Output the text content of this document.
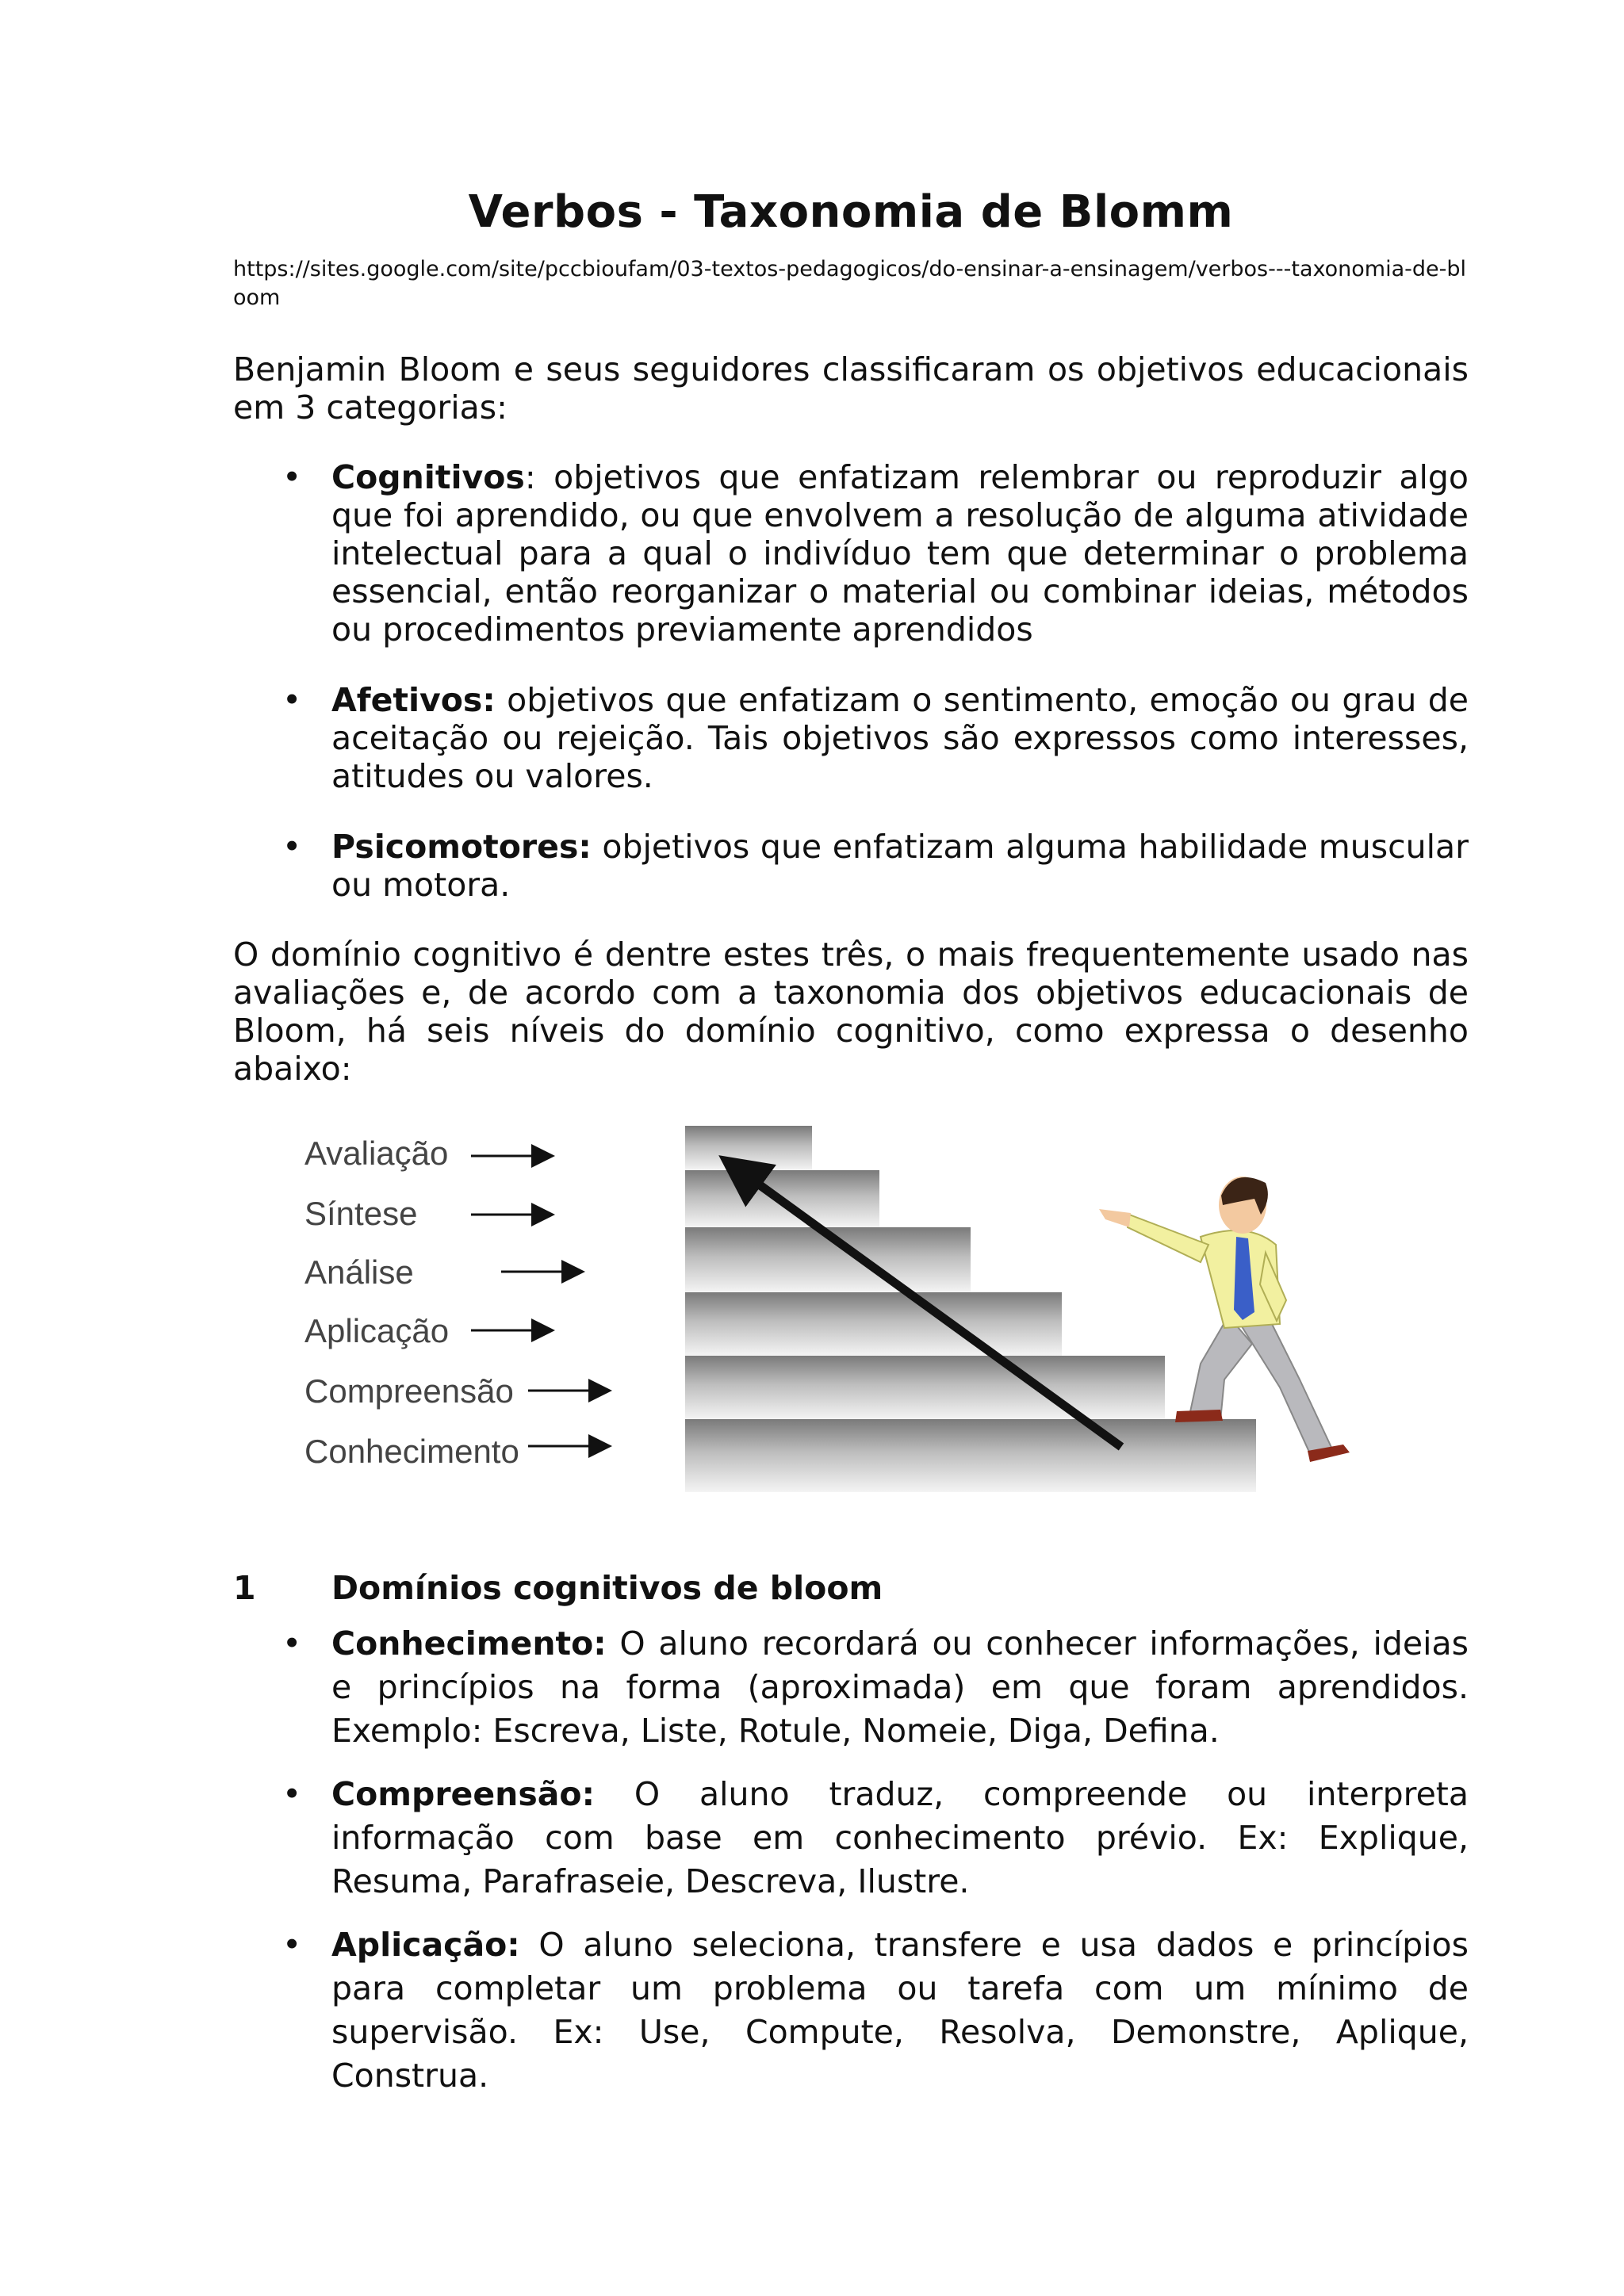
Verbos - Taxonomia de Blomm
https://sites.google.com/site/pccbioufam/03-textos-pedagogicos/do-ensinar-a-ensinagem/verbos---taxonomia-de-bloom

Benjamin Bloom e seus seguidores classificaram os objetivos educacionais em 3 categorias:

• Cognitivos: objetivos que enfatizam relembrar ou reproduzir algo que foi aprendido, ou que envolvem a resolução de alguma atividade intelectual para a qual o indivíduo tem que determinar o problema essencial, então reorganizar o material ou combinar ideias, métodos ou procedimentos previamente aprendidos
• Afetivos: objetivos que enfatizam o sentimento, emoção ou grau de aceitação ou rejeição. Tais objetivos são expressos como interesses, atitudes ou valores.
• Psicomotores: objetivos que enfatizam alguma habilidade muscular ou motora.

O domínio cognitivo é dentre estes três, o mais frequentemente usado nas avaliações e, de acordo com a taxonomia dos objetivos educacionais de Bloom, há seis níveis do domínio cognitivo, como expressa o desenho abaixo:

Avaliação
Síntese
Análise
Aplicação
Compreensão
Conhecimento
1 Domínios cognitivos de bloom
• Conhecimento: O aluno recordará ou conhecer informações, ideias e princípios na forma (aproximada) em que foram aprendidos. Exemplo: Escreva, Liste, Rotule, Nomeie, Diga, Defina.
• Compreensão: O aluno traduz, compreende ou interpreta informação com base em conhecimento prévio. Ex: Explique, Resuma, Parafraseie, Descreva, Ilustre.
• Aplicação: O aluno seleciona, transfere e usa dados e princípios para completar um problema ou tarefa com um mínimo de supervisão. Ex: Use, Compute, Resolva, Demonstre, Aplique, Construa.
